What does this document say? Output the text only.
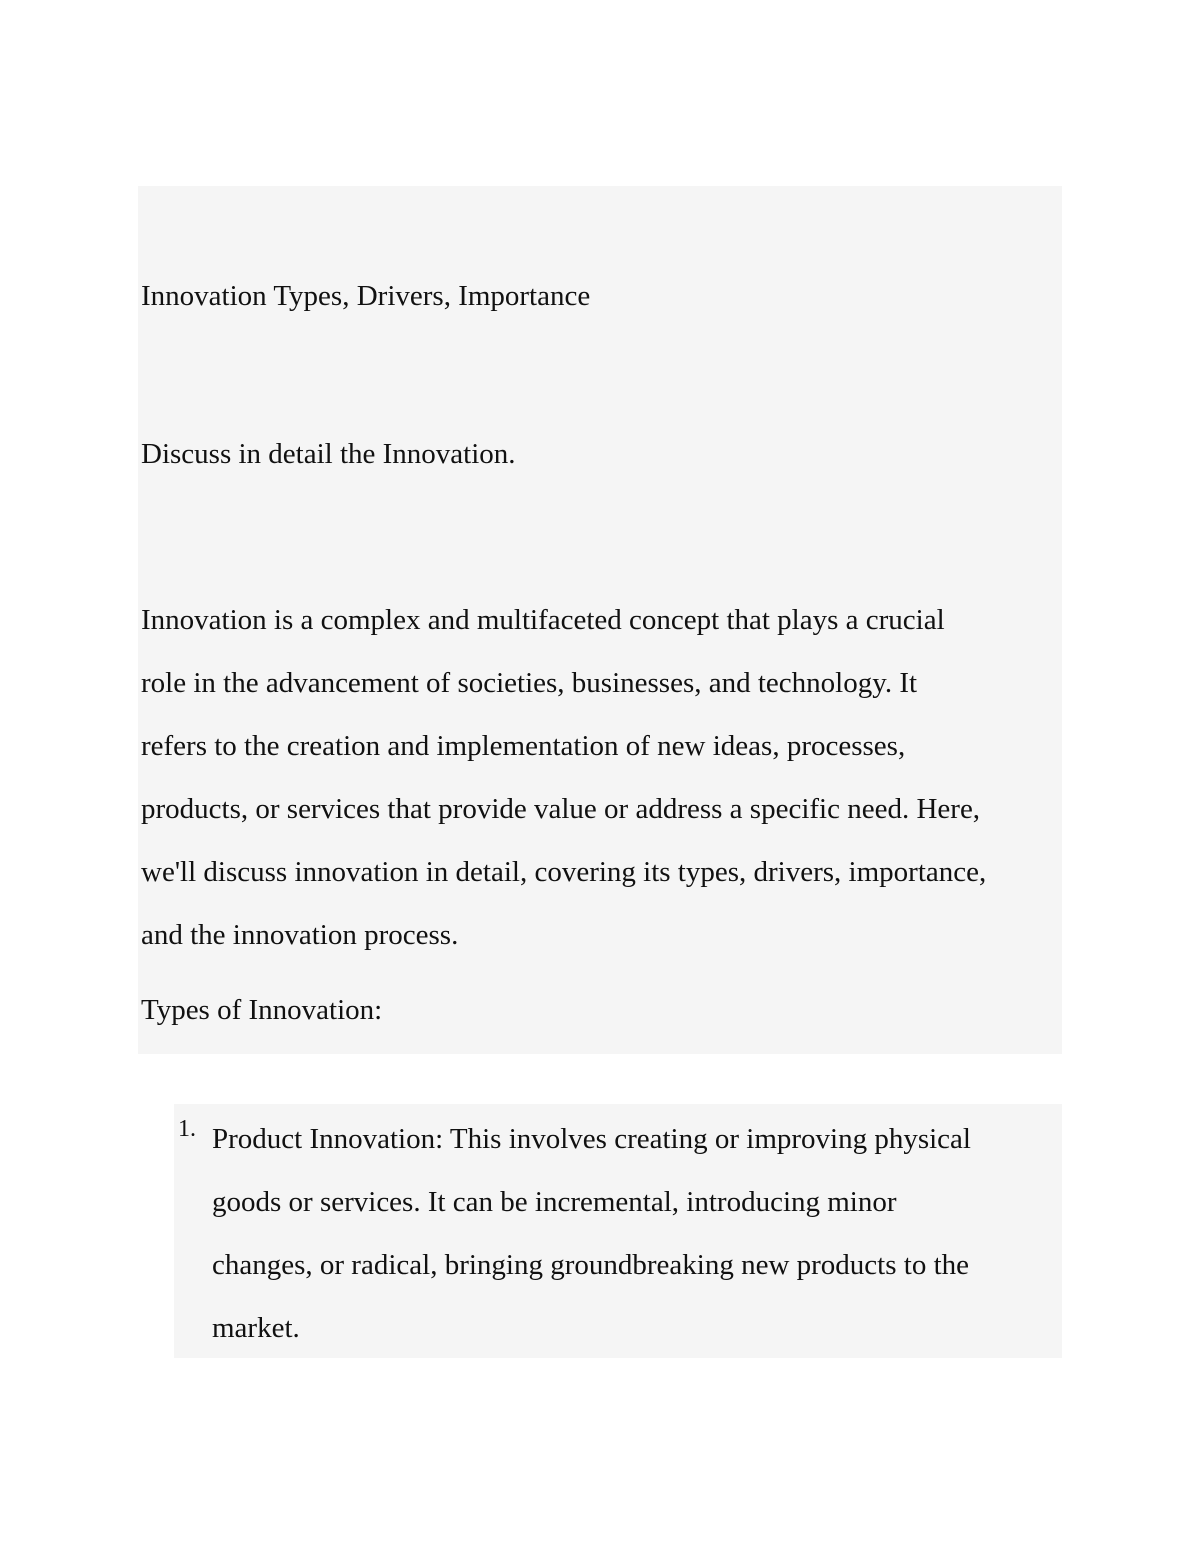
Innovation Types, Drivers, Importance

Discuss in detail the Innovation.

Innovation is a complex and multifaceted concept that plays a crucial
role in the advancement of societies, businesses, and technology. It
refers to the creation and implementation of new ideas, processes,
products, or services that provide value or address a specific need. Here,
we'll discuss innovation in detail, covering its types, drivers, importance,
and the innovation process.

Types of Innovation:

1. Product Innovation: This involves creating or improving physical
goods or services. It can be incremental, introducing minor
changes, or radical, bringing groundbreaking new products to the
market.
